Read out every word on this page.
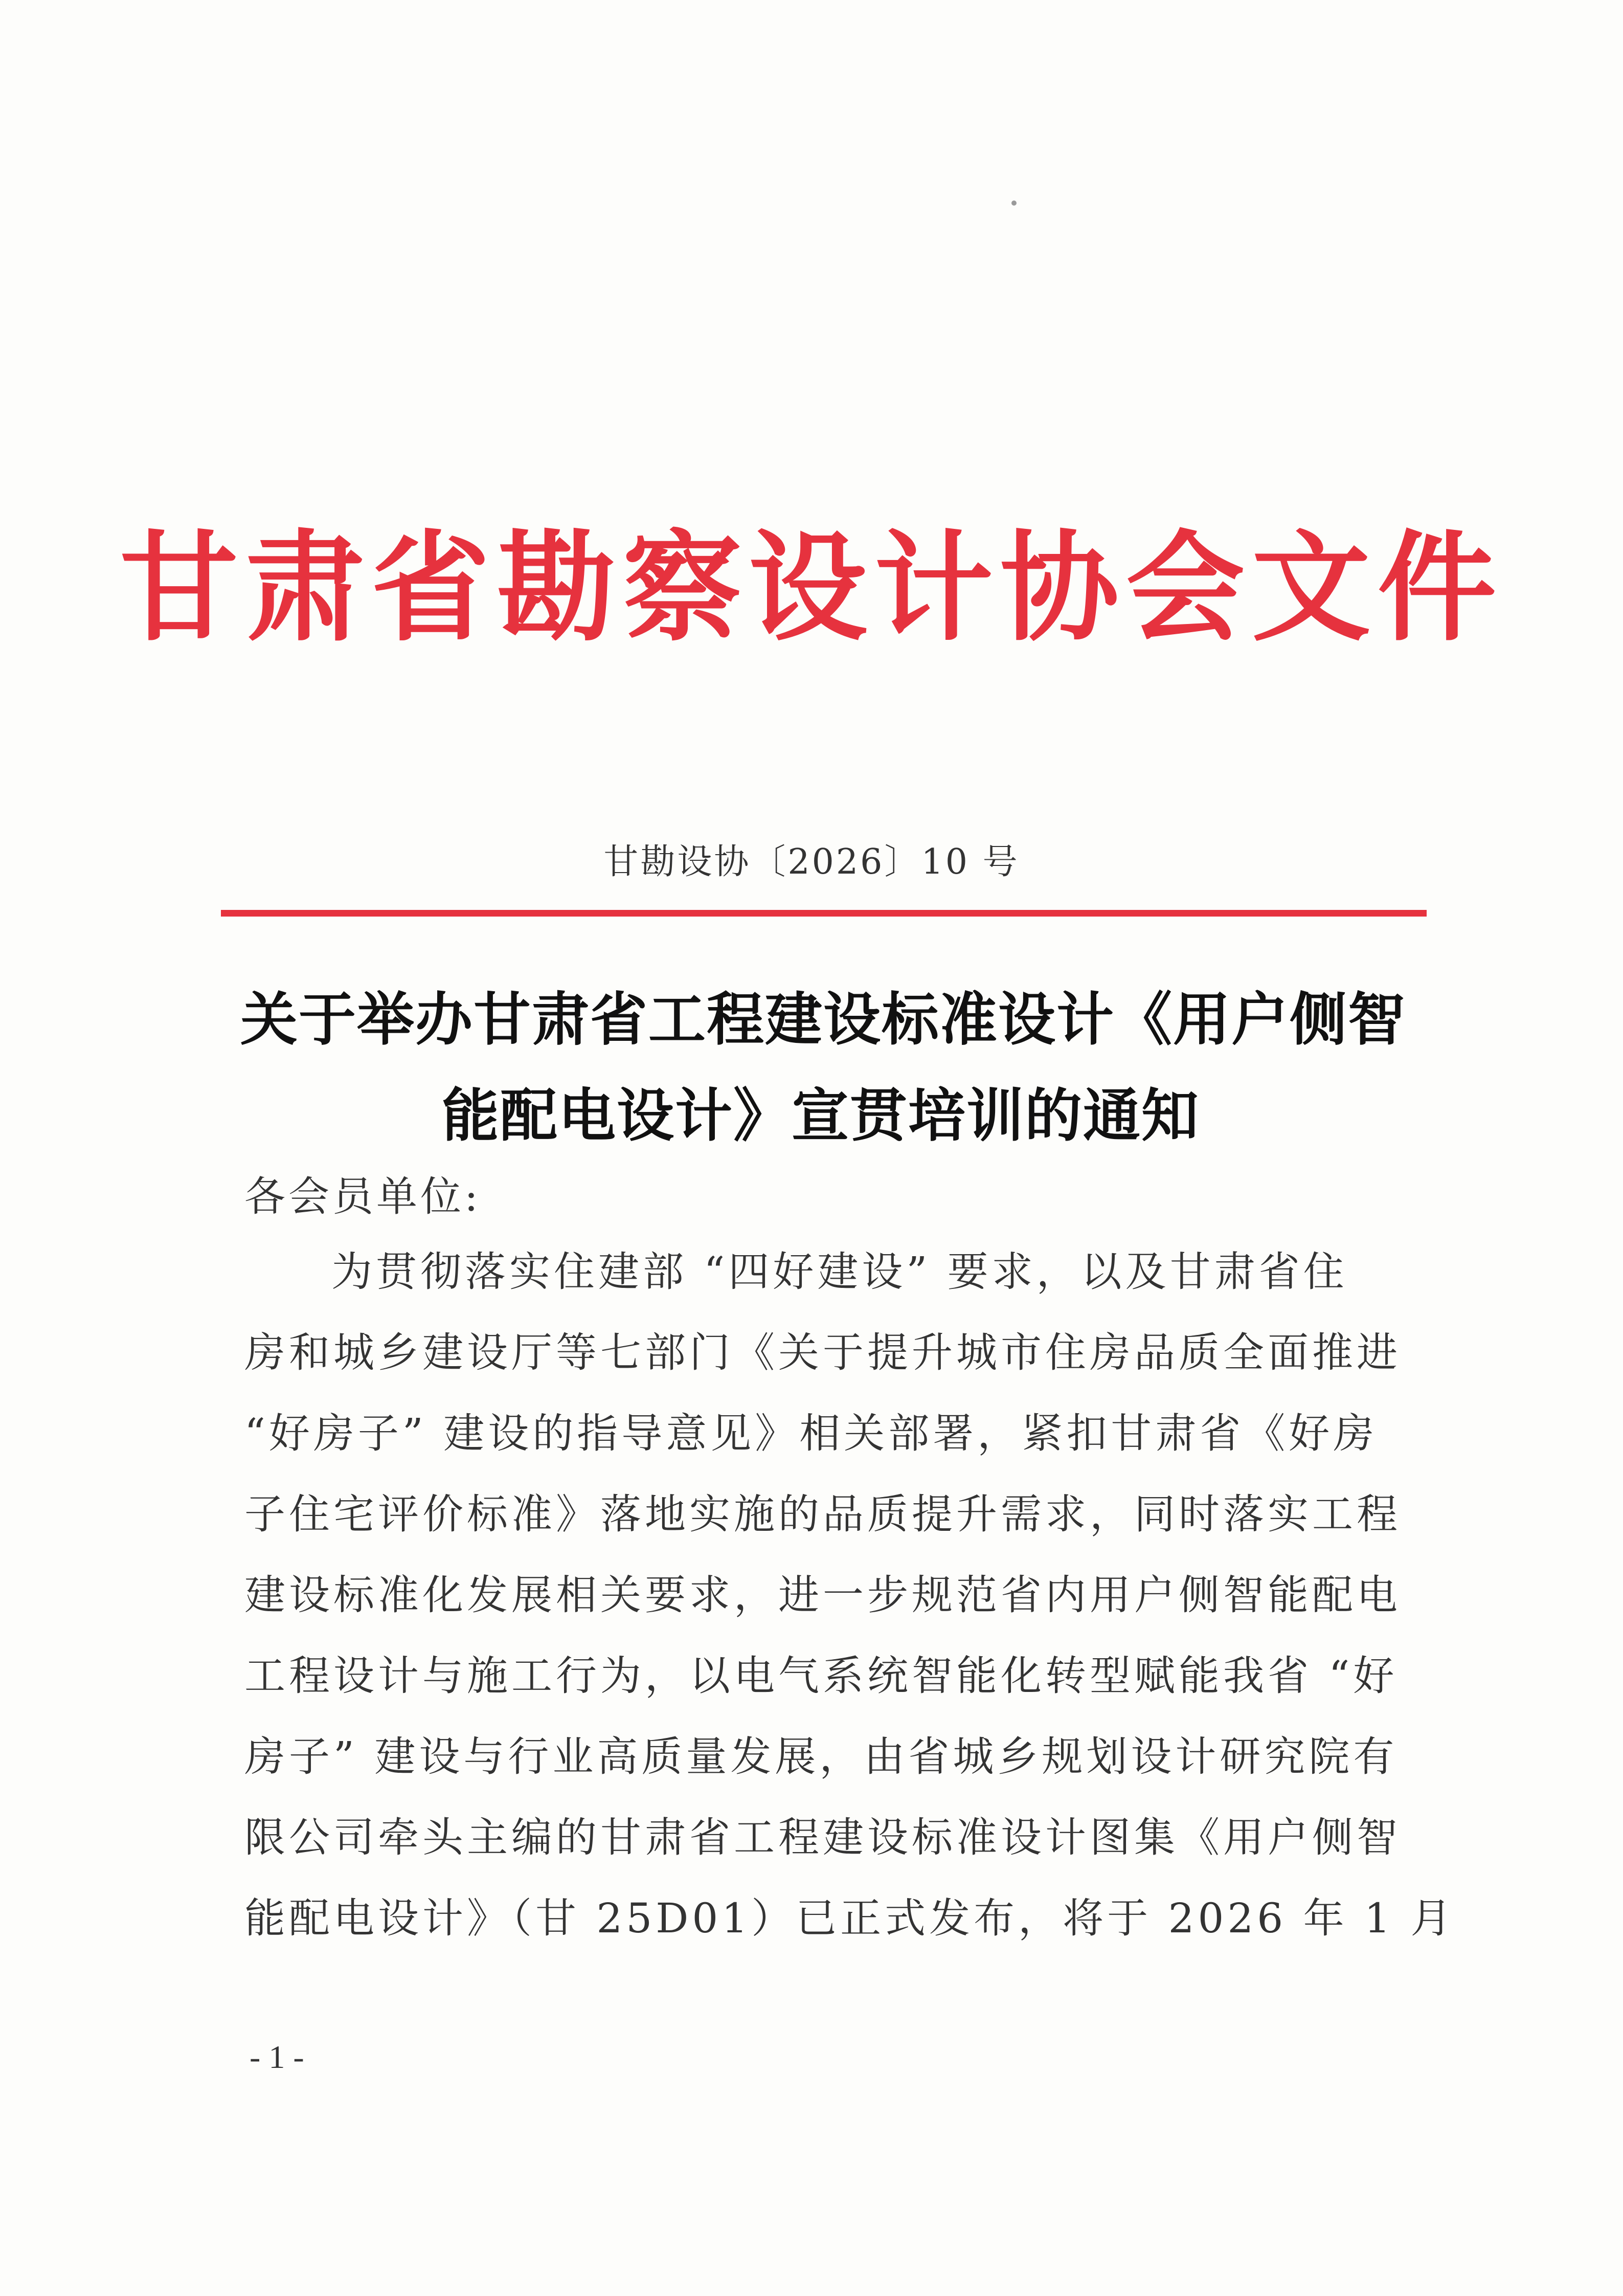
甘肃省勘察设计协会文件
甘勘设协〔2026〕10 号
关于举办甘肃省工程建设标准设计《用户侧智
能配电设计》宣贯培训的通知
各会员单位:
为贯彻落实住建部 “四好建设” 要求，以及甘肃省住
房和城乡建设厅等七部门《关于提升城市住房品质全面推进
“好房子” 建设的指导意见》相关部署，紧扣甘肃省《好房
子住宅评价标准》落地实施的品质提升需求，同时落实工程
建设标准化发展相关要求，进一步规范省内用户侧智能配电
工程设计与施工行为，以电气系统智能化转型赋能我省 “好
房子” 建设与行业高质量发展，由省城乡规划设计研究院有
限公司牵头主编的甘肃省工程建设标准设计图集《用户侧智
能配电设计》（甘 25D01）已正式发布，将于 2026 年 1 月
- 1 -
